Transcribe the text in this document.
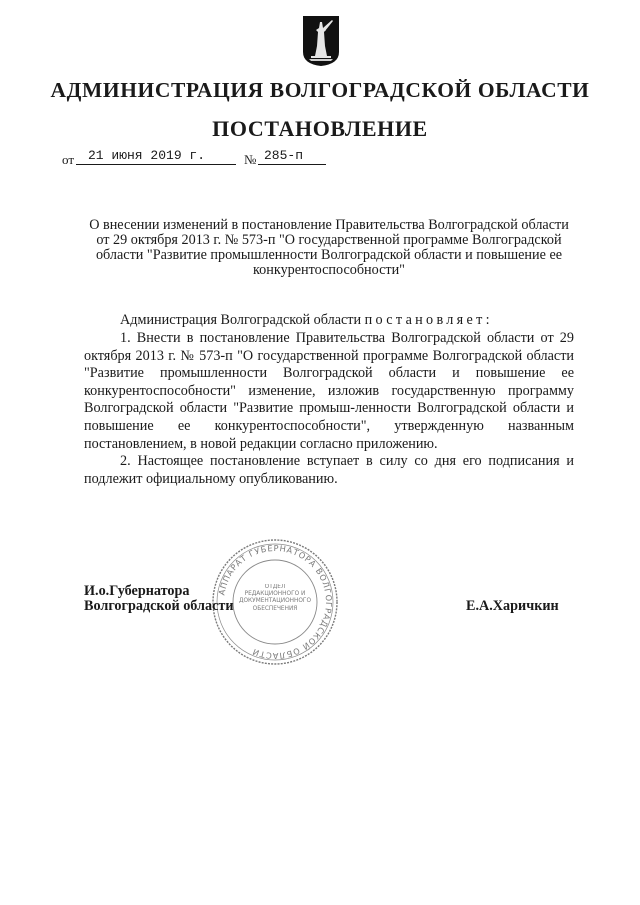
АДМИНИСТРАЦИЯ ВОЛГОГРАДСКОЙ ОБЛАСТИ
ПОСТАНОВЛЕНИЕ
от 21 июня 2019 г.	№ 285-п
О внесении изменений в постановление Правительства Волгоградской области от 29 октября 2013 г. № 573-п "О государственной программе Волгоградской области "Развитие промышленности Волгоградской области и повышение ее конкурентоспособности"
Администрация Волгоградской области постановляет:

1. Внести в постановление Правительства Волгоградской области от 29 октября 2013 г. № 573-п "О государственной программе Волгоградской области "Развитие промышленности Волгоградской области и повышение ее конкурентоспособности" изменение, изложив государственную программу Волгоградской области "Развитие промыш-ленности Волгоградской области и повышение ее конкурентоспособности", утвержденную названным постановлением, в новой редакции согласно приложению.

2. Настоящее постановление вступает в силу со дня его подписания и подлежит официальному опубликованию.

АППАРАТ ГУБЕРНАТОРА ВОЛГОГРАДСКОЙ ОБЛАСТИ
ОТДЕЛ РЕДАКЦИОННОГО И ДОКУМЕНТАЦИОННОГО ОБЕСПЕЧЕНИЯ
И.о.Губернатора
Волгоградской области	Е.А.Харичкин
